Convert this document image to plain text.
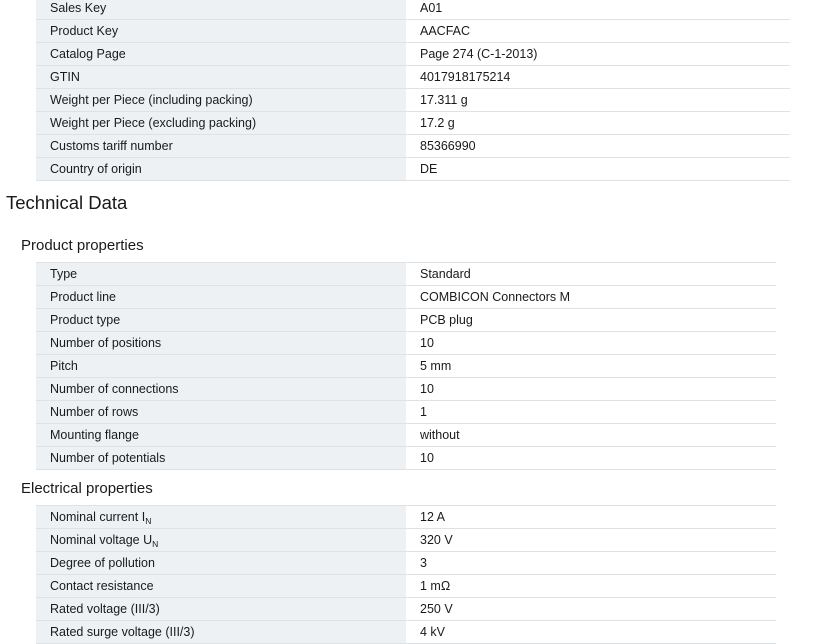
Sales Key	A01
Product Key	AACFAC
Catalog Page	Page 274 (C-1-2013)
GTIN	4017918175214
Weight per Piece (including packing)	17.311 g
Weight per Piece (excluding packing)	17.2 g
Customs tariff number	85366990
Country of origin	DE
Technical Data
Product properties
Type	Standard
Product line	COMBICON Connectors M
Product type	PCB plug
Number of positions	10
Pitch	5 mm
Number of connections	10
Number of rows	1
Mounting flange	without
Number of potentials	10
Electrical properties
Nominal current $I_N$	12 A
Nominal voltage $U_N$	320 V
Degree of pollution	3
Contact resistance	1 mΩ
Rated voltage (III/3)	250 V
Rated surge voltage (III/3)	4 kV
